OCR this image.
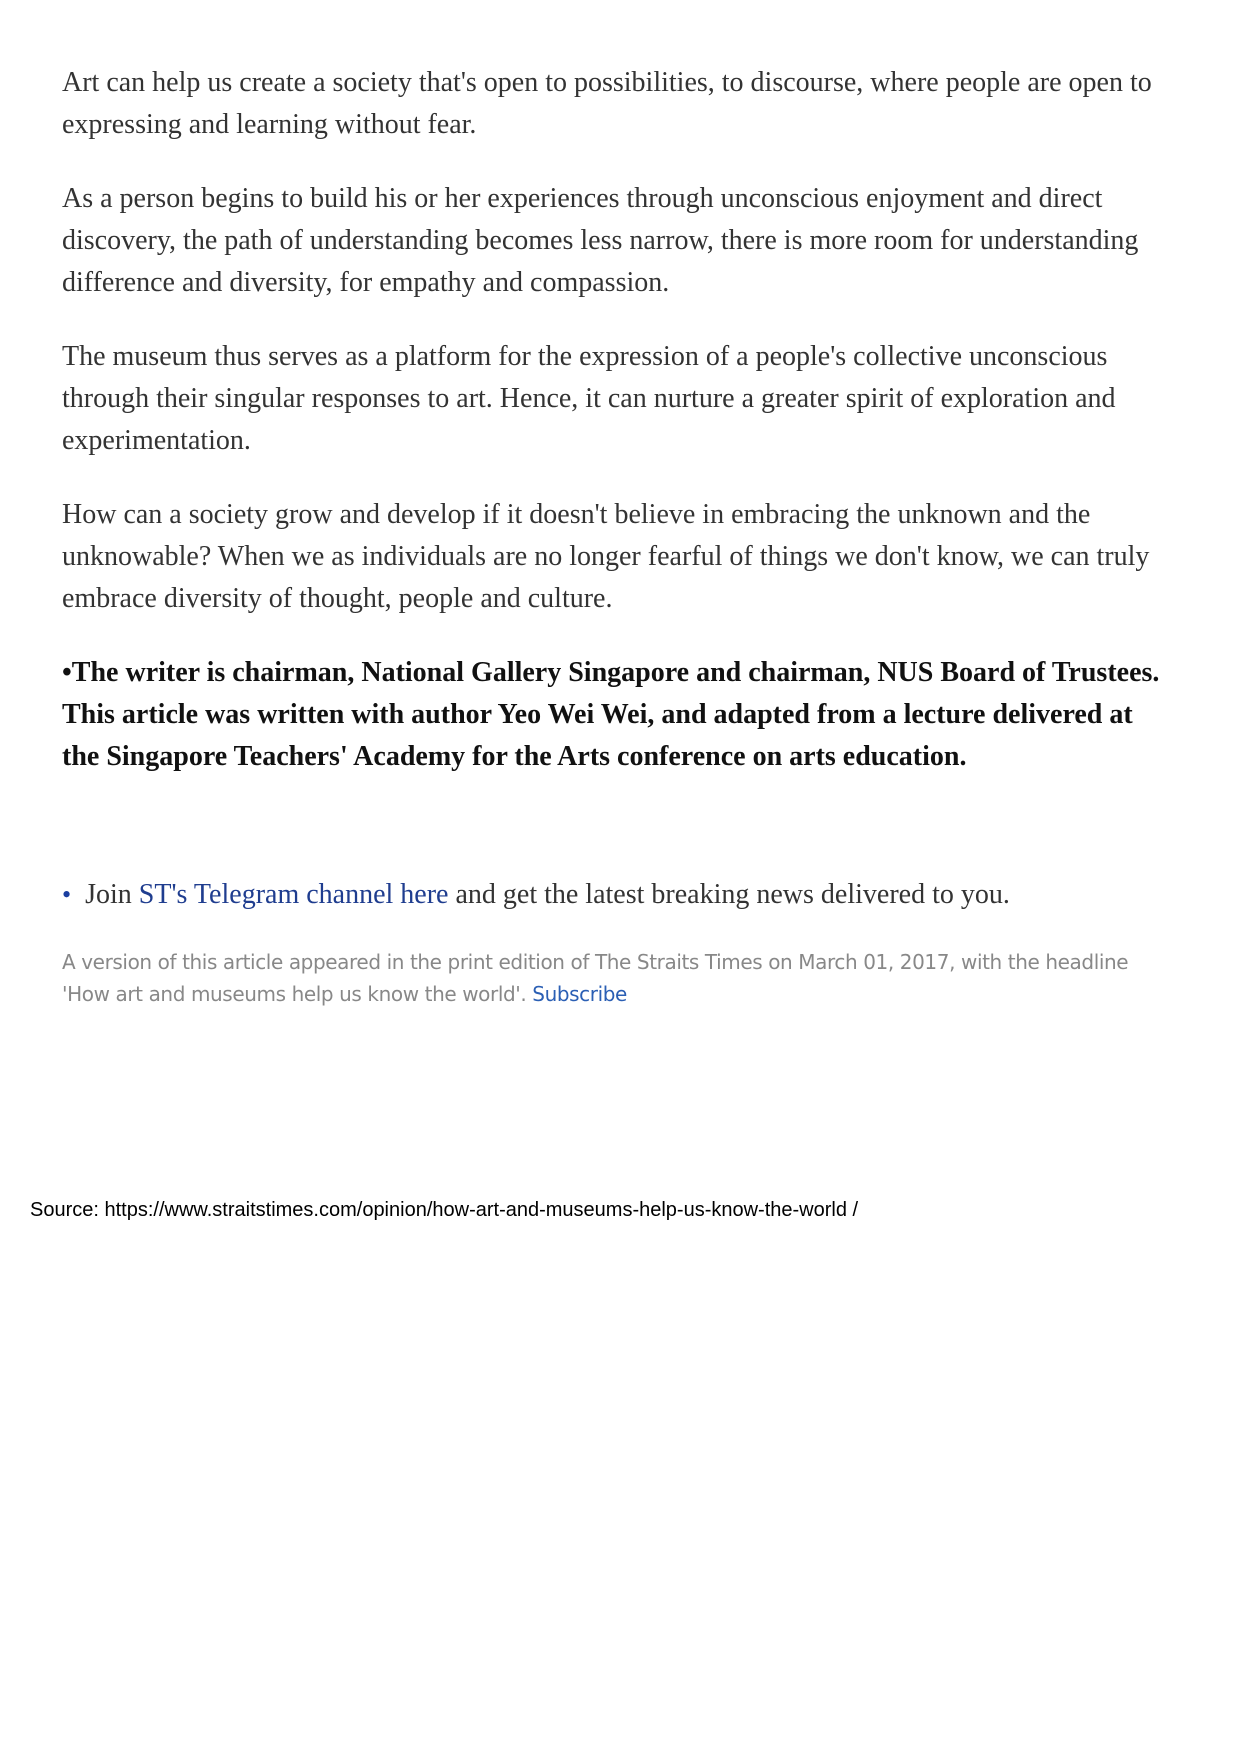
Art can help us create a society that's open to possibilities, to discourse, where people are open to expressing and learning without fear.

As a person begins to build his or her experiences through unconscious enjoyment and direct discovery, the path of understanding becomes less narrow, there is more room for understanding difference and diversity, for empathy and compassion.

The museum thus serves as a platform for the expression of a people's collective unconscious through their singular responses to art. Hence, it can nurture a greater spirit of exploration and experimentation.

How can a society grow and develop if it doesn't believe in embracing the unknown and the unknowable? When we as individuals are no longer fearful of things we don't know, we can truly embrace diversity of thought, people and culture.

•The writer is chairman, National Gallery Singapore and chairman, NUS Board of Trustees. This article was written with author Yeo Wei Wei, and adapted from a lecture delivered at the Singapore Teachers' Academy for the Arts conference on arts education.

• Join ST's Telegram channel here and get the latest breaking news delivered to you.

A version of this article appeared in the print edition of The Straits Times on March 01, 2017, with the headline 'How art and museums help us know the world'. Subscribe

Source: https://www.straitstimes.com/opinion/how-art-and-museums-help-us-know-the-world /
